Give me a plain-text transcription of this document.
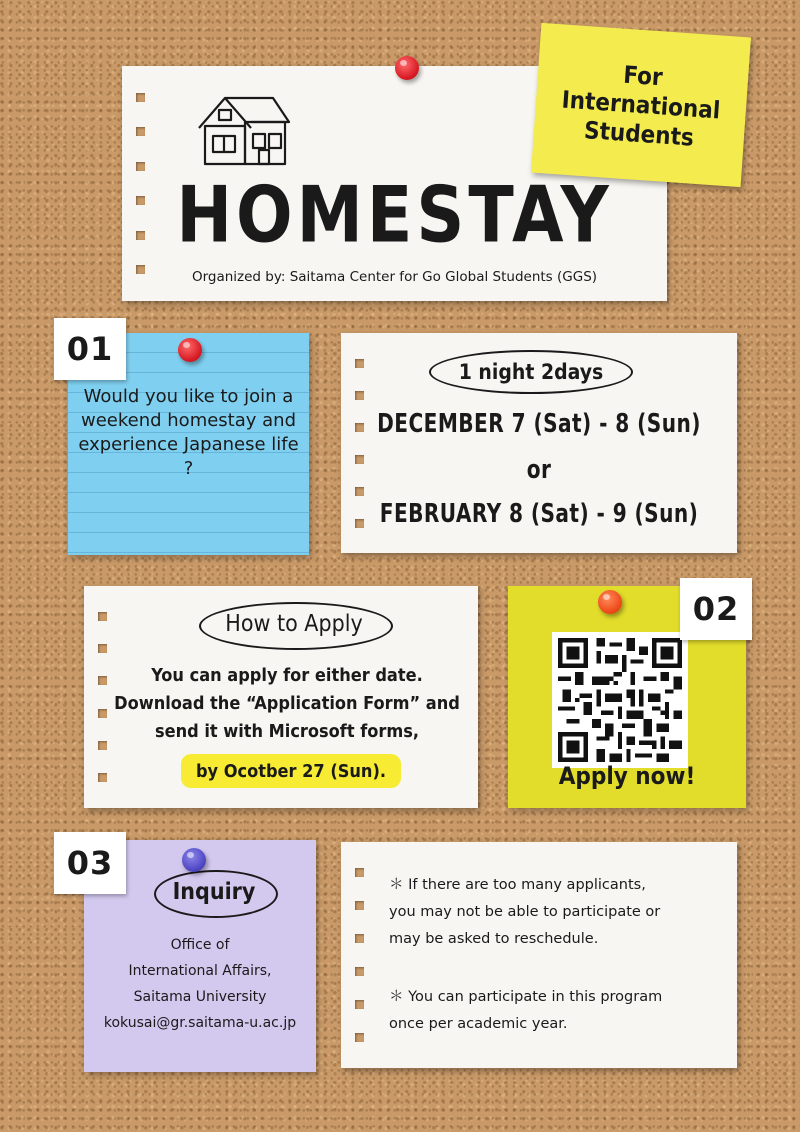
HOMESTAY
Organized by: Saitama Center for Go Global Students (GGS)
For
International
Students
Would you like to join a weekend homestay and experience Japanese life ?
01
1 night 2days
DECEMBER 7 (Sat) - 8 (Sun)
or
FEBRUARY 8 (Sat) - 9 (Sun)
How to Apply
You can apply for either date.
Download the “Application Form” and
send it with Microsoft forms,
by Ocotber 27 (Sun).	Apply now!
02
Inquiry
Office of
International Affairs,
Saitama University
kokusai@gr.saitama-u.ac.jp
03
＊ If there are too many applicants,
you may not be able to participate or
may be asked to reschedule.
＊ You can participate in this program
once per academic year.
